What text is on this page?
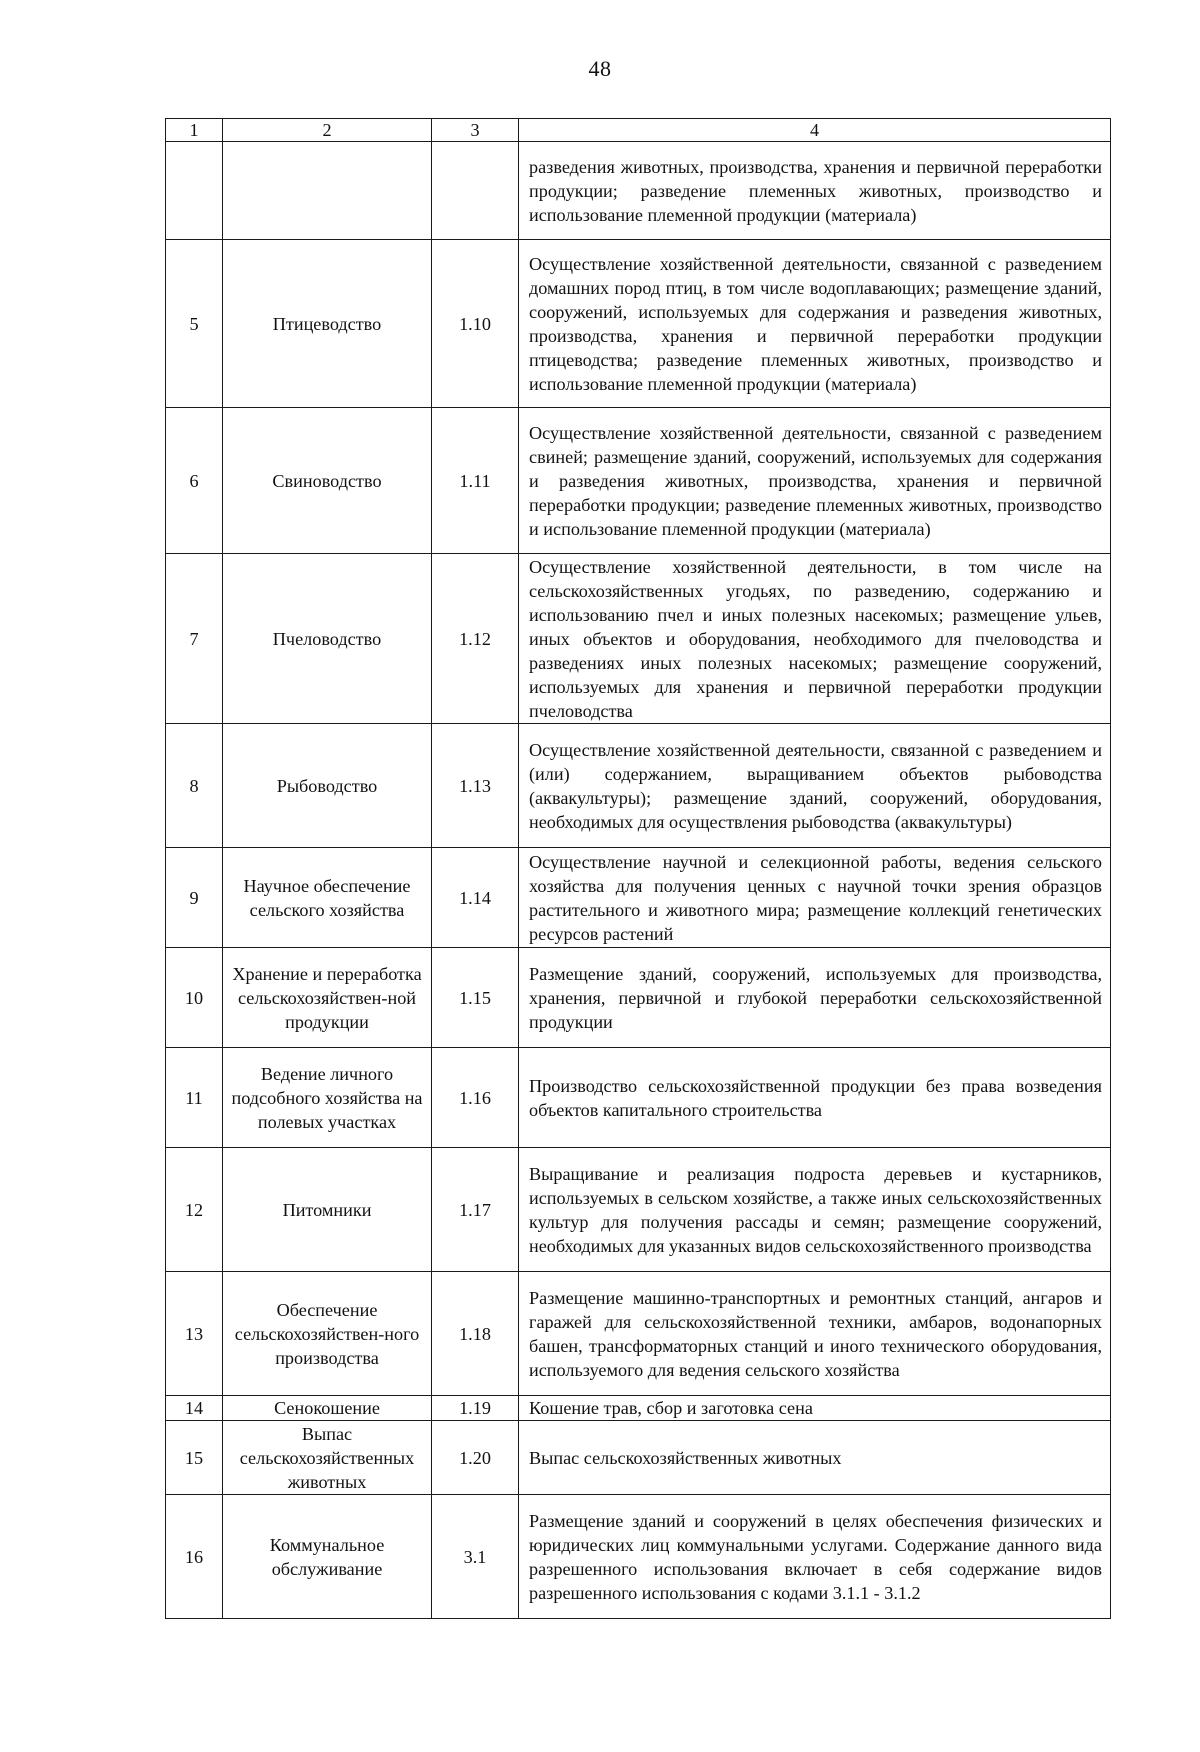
48
1	2	3	4
			разведения животных, производства, хранения и первичной переработки продукции; разведение племенных животных, производство и использование племенной продукции (материала)
5	Птицеводство	1.10	Осуществление хозяйственной деятельности, связанной с разведением домашних пород птиц, в том числе водоплавающих; размещение зданий, сооружений, используемых для содержания и разведения животных, производства, хранения и первичной переработки продукции птицеводства; разведение племенных животных, производство и использование племенной продукции (материала)
6	Свиноводство	1.11	Осуществление хозяйственной деятельности, связанной с разведением свиней; размещение зданий, сооружений, используемых для содержания и разведения животных, производства, хранения и первичной переработки продукции; разведение племенных животных, производство и использование племенной продукции (материала)
7	Пчеловодство	1.12	Осуществление хозяйственной деятельности, в том числе на сельскохозяйственных угодьях, по разведению, содержанию и использованию пчел и иных полезных насекомых; размещение ульев, иных объектов и оборудования, необходимого для пчеловодства и разведениях иных полезных насекомых; размещение сооружений, используемых для хранения и первичной переработки продукции пчеловодства
8	Рыбоводство	1.13	Осуществление хозяйственной деятельности, связанной с разведением и (или) содержанием, выращиванием объектов рыбоводства (аквакультуры); размещение зданий, сооружений, оборудования, необходимых для осуществления рыбоводства (аквакультуры)
9	Научное обеспечение сельского хозяйства	1.14	Осуществление научной и селекционной работы, ведения сельского хозяйства для получения ценных с научной точки зрения образцов растительного и животного мира; размещение коллекций генетических ресурсов растений
10	Хранение и переработка сельскохозяйствен-ной продукции	1.15	Размещение зданий, сооружений, используемых для производства, хранения, первичной и глубокой переработки сельскохозяйственной продукции
11	Ведение личного подсобного хозяйства на полевых участках	1.16	Производство сельскохозяйственной продукции без права возведения объектов капитального строительства
12	Питомники	1.17	Выращивание и реализация подроста деревьев и кустарников, используемых в сельском хозяйстве, а также иных сельскохозяйственных культур для получения рассады и семян; размещение сооружений, необходимых для указанных видов сельскохозяйственного производства
13	Обеспечение сельскохозяйствен-ного производства	1.18	Размещение машинно-транспортных и ремонтных станций, ангаров и гаражей для сельскохозяйственной техники, амбаров, водонапорных башен, трансформаторных станций и иного технического оборудования, используемого для ведения сельского хозяйства
14	Сенокошение	1.19	Кошение трав, сбор и заготовка сена
15	Выпас сельскохозяйственных животных	1.20	Выпас сельскохозяйственных животных
16	Коммунальное обслуживание	3.1	Размещение зданий и сооружений в целях обеспечения физических и юридических лиц коммунальными услугами. Содержание данного вида разрешенного использования включает в себя содержание видов разрешенного использования с кодами 3.1.1 - 3.1.2
